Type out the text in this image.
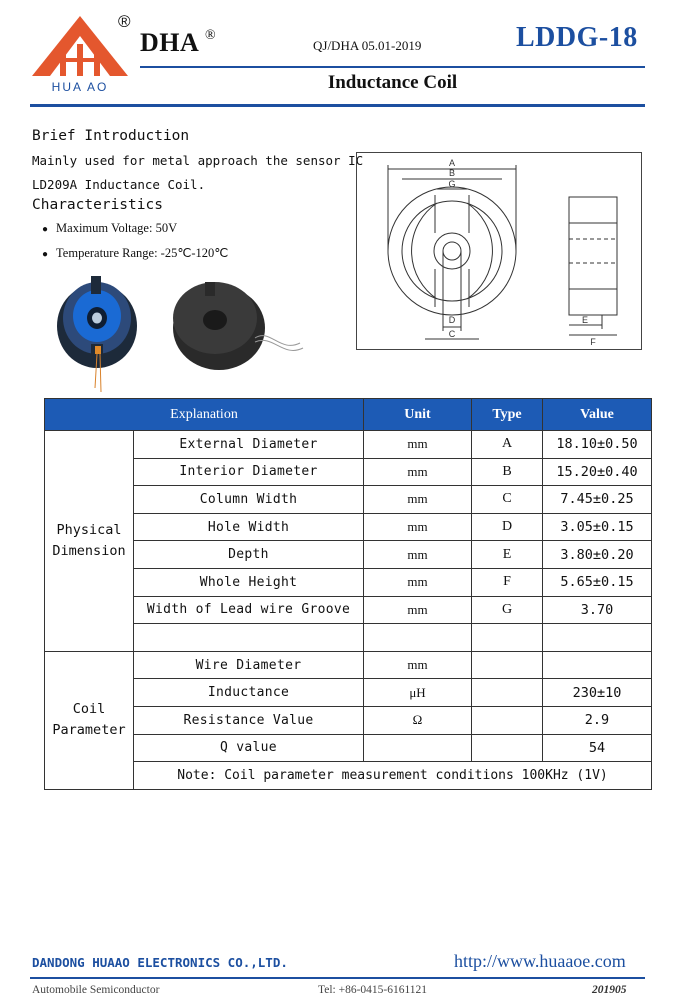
HUA AO
®
DHA ®
QJ/DHA 05.01-2019	LDDG-18
Inductance Coil
Brief Introduction
Mainly used for metal approach the sensor IC
LD209A Inductance Coil.
Characteristics
● Maximum Voltage: 50V
● Temperature Range: -25℃-120℃
A
B
G
D
C
E
F
Explanation		Unit	Type	Value
Physical
Dimension	External Diameter	mm	A	18.10±0.50
	Interior Diameter	mm	B	15.20±0.40
	Column Width	mm	C	7.45±0.25
	Hole Width	mm	D	3.05±0.15
	Depth	mm	E	3.80±0.20
	Whole Height	mm	F	5.65±0.15
	Width of Lead wire Groove	mm	G	3.70

Coil
Parameter	Wire Diameter	mm		
	Inductance	μH		230±10
	Resistance Value	Ω		2.9
	Q value			54
	Note: Coil parameter measurement conditions 100KHz (1V)			
DANDONG HUAAO ELECTRONICS CO.,LTD.	http://www.huaaoe.com
Automobile Semiconductor	Tel: +86-0415-6161121	201905
